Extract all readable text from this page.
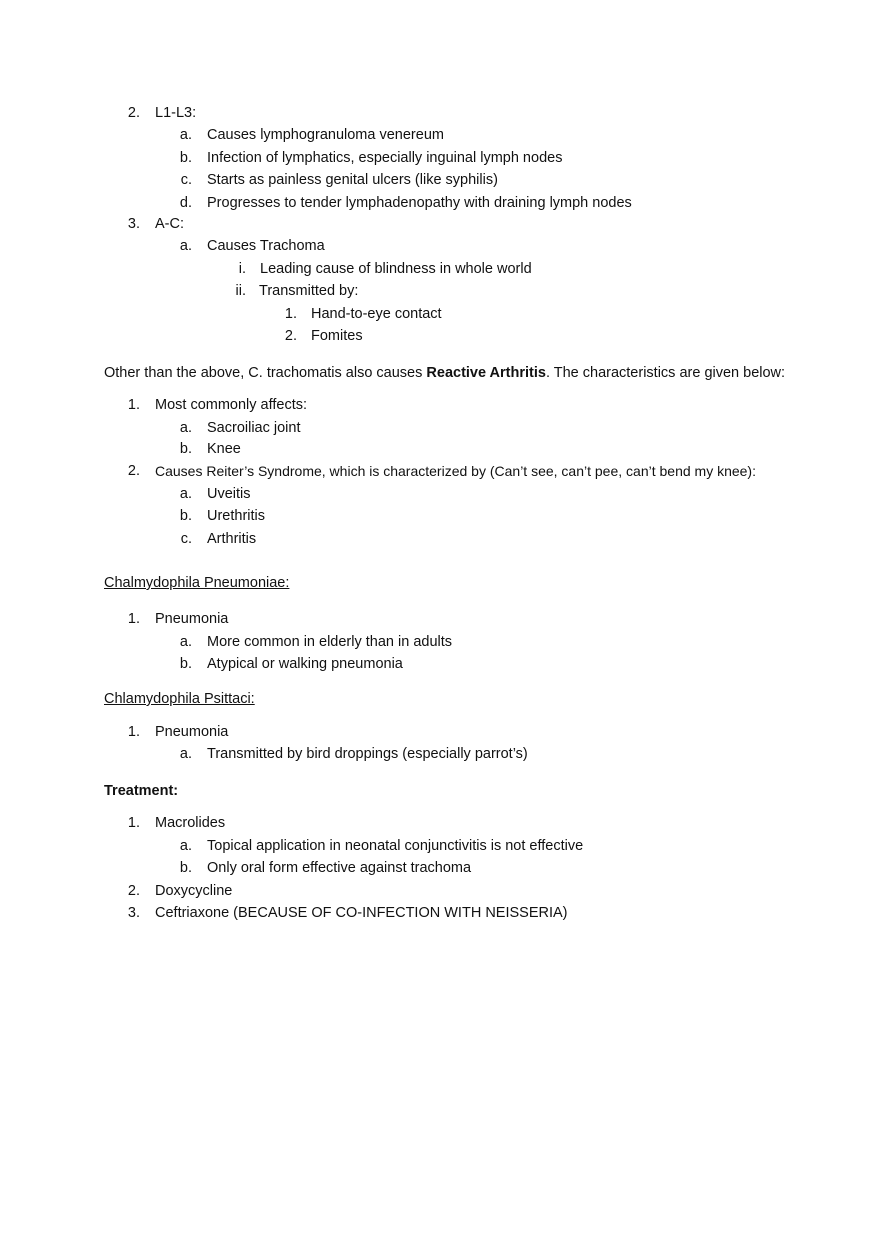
2. L1-L3:
a. Causes lymphogranuloma venereum
b. Infection of lymphatics, especially inguinal lymph nodes
c. Starts as painless genital ulcers (like syphilis)
d. Progresses to tender lymphadenopathy with draining lymph nodes
3. A-C:
a. Causes Trachoma
i. Leading cause of blindness in whole world
ii. Transmitted by:
1. Hand-to-eye contact
2. Fomites
Other than the above, C. trachomatis also causes Reactive Arthritis. The characteristics are given below:
1. Most commonly affects:
a. Sacroiliac joint
b. Knee
2. Causes Reiter’s Syndrome, which is characterized by (Can’t see, can’t pee, can’t bend my knee):
a. Uveitis
b. Urethritis
c. Arthritis
Chalmydophila Pneumoniae:
1. Pneumonia
a. More common in elderly than in adults
b. Atypical or walking pneumonia
Chlamydophila Psittaci:
1. Pneumonia
a. Transmitted by bird droppings (especially parrot’s)
Treatment:
1. Macrolides
a. Topical application in neonatal conjunctivitis is not effective
b. Only oral form effective against trachoma
2. Doxycycline
3. Ceftriaxone (BECAUSE OF CO-INFECTION WITH NEISSERIA)
